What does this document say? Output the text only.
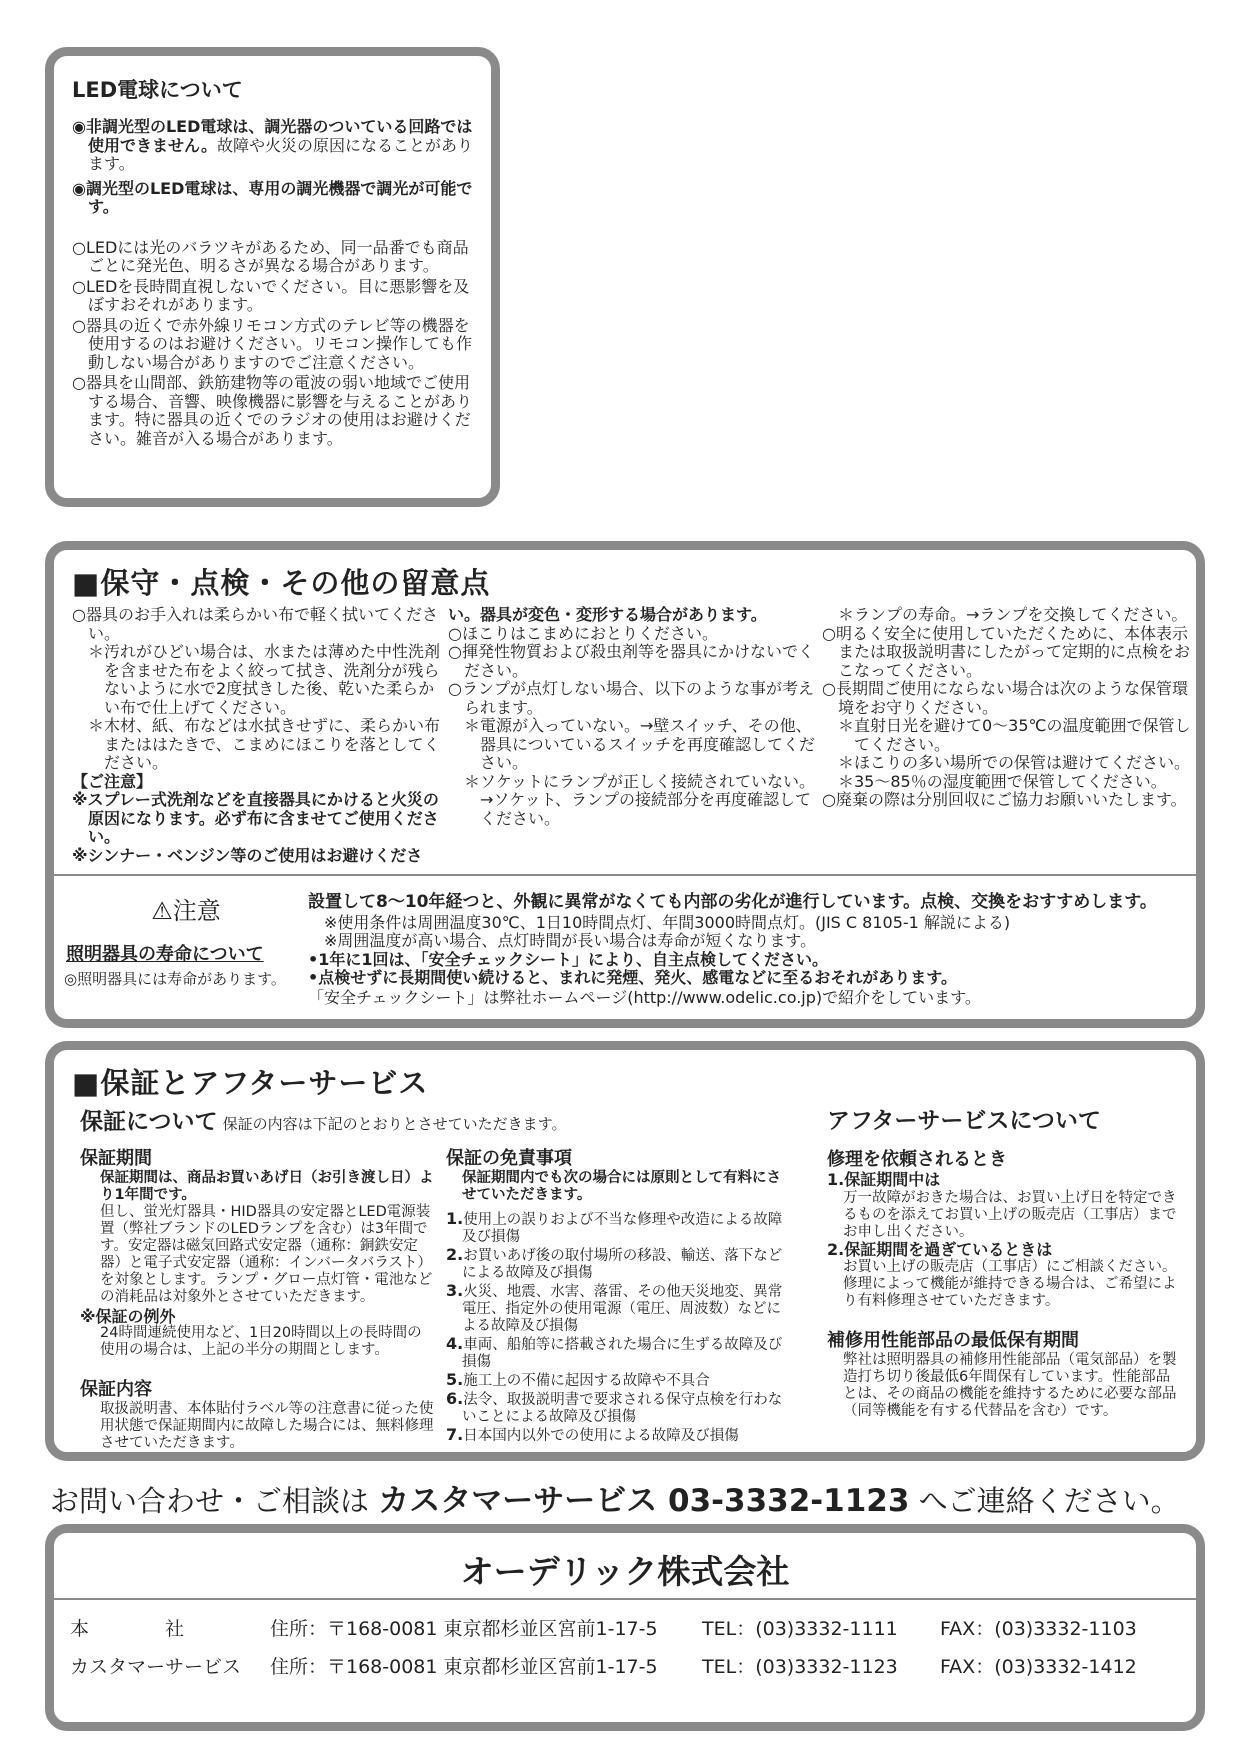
LED電球について

◉非調光型のLED電球は、調光器のついている回路では使用できません。故障や火災の原因になることがあります。

◉調光型のLED電球は、専用の調光機器で調光が可能です。

○LEDには光のバラツキがあるため、同一品番でも商品ごとに発光色、明るさが異なる場合があります。

○LEDを長時間直視しないでください。目に悪影響を及ぼすおそれがあります。

○器具の近くで赤外線リモコン方式のテレビ等の機器を使用するのはお避けください。リモコン操作しても作動しない場合がありますのでご注意ください。

○器具を山間部、鉄筋建物等の電波の弱い地域でご使用する場合、音響、映像機器に影響を与えることがあります。特に器具の近くでのラジオの使用はお避けください。雑音が入る場合があります。

■保守・点検・その他の留意点

○器具のお手入れは柔らかい布で軽く拭いてください。

＊汚れがひどい場合は、水または薄めた中性洗剤を含ませた布をよく絞って拭き、洗剤分が残らないように水で2度拭きした後、乾いた柔らかい布で仕上げてください。

＊木材、紙、布などは水拭きせずに、柔らかい布またははたきで、こまめにほこりを落としてください。

【ご注意】

※スプレー式洗剤などを直接器具にかけると火災の原因になります。必ず布に含ませてご使用ください。

※シンナー・ベンジン等のご使用はお避けくださ

い。器具が変色・変形する場合があります。

○ほこりはこまめにおとりください。

○揮発性物質および殺虫剤等を器具にかけないでください。

○ランプが点灯しない場合、以下のような事が考えられます。

＊電源が入っていない。→壁スイッチ、その他、器具についているスイッチを再度確認してください。

＊ソケットにランプが正しく接続されていない。→ソケット、ランプの接続部分を再度確認してください。

＊ランプの寿命。→ランプを交換してください。

○明るく安全に使用していただくために、本体表示または取扱説明書にしたがって定期的に点検をおこなってください。

○長期間ご使用にならない場合は次のような保管環境をお守りください。

＊直射日光を避けて0〜35℃の温度範囲で保管してください。

＊ほこりの多い場所での保管は避けてください。

＊35〜85％の湿度範囲で保管してください。

○廃棄の際は分別回収にご協力お願いいたします。

⚠注意

照明器具の寿命について

◎照明器具には寿命があります。

設置して8〜10年経つと、外観に異常がなくても内部の劣化が進行しています。点検、交換をおすすめします。

※使用条件は周囲温度30℃、1日10時間点灯、年間3000時間点灯。(JIS C 8105-1 解説による)

※周囲温度が高い場合、点灯時間が長い場合は寿命が短くなります。

•1年に1回は、「安全チェックシート」により、自主点検してください。

•点検せずに長期間使い続けると、まれに発煙、発火、感電などに至るおそれがあります。

「安全チェックシート」は弊社ホームページ(http://www.odelic.co.jp)で紹介をしています。

■保証とアフターサービス

保証について 保証の内容は下記のとおりとさせていただきます。

保証期間

保証期間は、商品お買いあげ日（お引き渡し日）より1年間です。

但し、蛍光灯器具・HID器具の安定器とLED電源装置（弊社ブランドのLEDランプを含む）は3年間です。安定器は磁気回路式安定器（通称：銅鉄安定器）と電子式安定器（通称：インバータバラスト）を対象とします。ランプ・グロー点灯管・電池などの消耗品は対象外とさせていただきます。

※保証の例外

24時間連続使用など、1日20時間以上の長時間の使用の場合は、上記の半分の期間とします。

保証内容

取扱説明書、本体貼付ラベル等の注意書に従った使用状態で保証期間内に故障した場合には、無料修理させていただきます。

保証の免責事項

保証期間内でも次の場合には原則として有料にさせていただきます。

1.使用上の誤りおよび不当な修理や改造による故障及び損傷

2.お買いあげ後の取付場所の移設、輸送、落下などによる故障及び損傷

3.火災、地震、水害、落雷、その他天災地変、異常電圧、指定外の使用電源（電圧、周波数）などによる故障及び損傷

4.車両、船舶等に搭載された場合に生ずる故障及び損傷

5.施工上の不備に起因する故障や不具合

6.法令、取扱説明書で要求される保守点検を行わないことによる故障及び損傷

7.日本国内以外での使用による故障及び損傷

アフターサービスについて

修理を依頼されるとき

1.保証期間中は

万一故障がおきた場合は、お買い上げ日を特定できるものを添えてお買い上げの販売店（工事店）までお申し出ください。

2.保証期間を過ぎているときは

お買い上げの販売店（工事店）にご相談ください。修理によって機能が維持できる場合は、ご希望により有料修理させていただきます。

補修用性能部品の最低保有期間

弊社は照明器具の補修用性能部品（電気部品）を製造打ち切り後最低6年間保有しています。性能部品とは、その商品の機能を維持するために必要な部品（同等機能を有する代替品を含む）です。

お問い合わせ・ご相談は カスタマーサービス 03-3332-1123 へご連絡ください。

オーデリック株式会社

本　　　　社	住所：〒168-0081 東京都杉並区宮前1-17-5	TEL：(03)3332-1111	FAX：(03)3332-1103
カスタマーサービス	住所：〒168-0081 東京都杉並区宮前1-17-5	TEL：(03)3332-1123	FAX：(03)3332-1412
